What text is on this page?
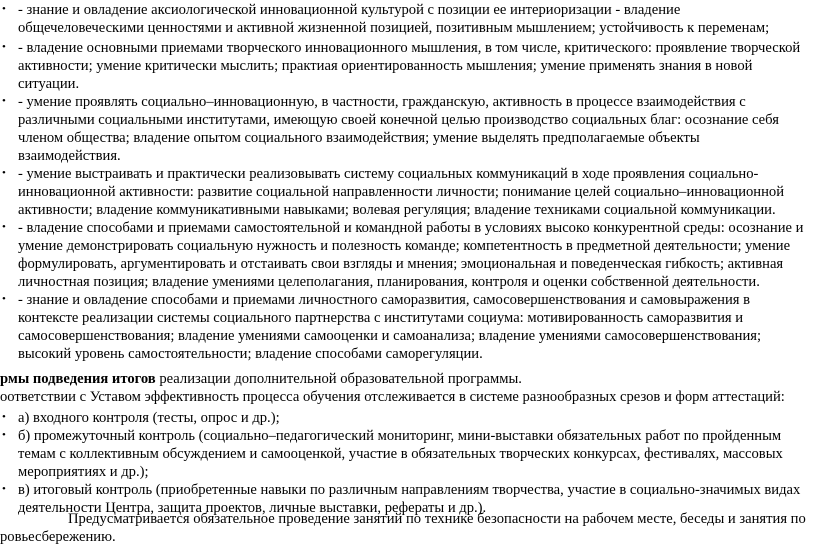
• - знание и овладение аксиологической инновационной культурой с позиции ее интериоризации - владение
общечеловеческими ценностями и активной жизненной позицией, позитивным мышлением; устойчивость к переменам;
• - владение основными приемами творческого инновационного мышления, в том числе, критического: проявление творческой
активности; умение критически мыслить; практиая ориентированность мышления; умение применять знания в новой
ситуации.
• - умение проявлять социально–инновационную, в частности, гражданскую, активность в процессе взаимодействия с
различными социальными институтами, имеющую своей конечной целью производство социальных благ: осознание себя
членом общества; владение опытом социального взаимодействия; умение выделять предполагаемые объекты
взаимодействия.
• - умение выстраивать и практически реализовывать систему социальных коммуникаций в ходе проявления социально-
инновационной активности: развитие социальной направленности личности; понимание целей социально–инновационной
активности; владение коммуникативными навыками; волевая регуляция; владение техниками социальной коммуникации.
• - владение способами и приемами самостоятельной и командной работы в условиях высоко конкурентной среды: осознание и
умение демонстрировать социальную нужность и полезность команде; компетентность в предметной деятельности; умение
формулировать, аргументировать и отстаивать свои взгляды и мнения; эмоциональная и поведенческая гибкость; активная
личностная позиция; владение умениями целеполагания, планирования, контроля и оценки собственной деятельности.
• - знание и овладение способами и приемами личностного саморазвития, самосовершенствования и самовыражения в
контексте реализации системы социального партнерства с институтами социума: мотивированность саморазвития и
самосовершенствования; владение умениями самооценки и самоанализа; владение умениями самосовершенствования;
высокий уровень самостоятельности; владение способами саморегуляции.
рмы подведения итогов реализации дополнительной образовательной программы.
оответствии с Уставом эффективность процесса обучения отслеживается в системе разнообразных срезов и форм аттестаций:
• а) входного контроля (тесты, опрос и др.);
• б) промежуточный контроль (социально–педагогический мониторинг, мини-выставки обязательных работ по пройденным
темам с коллективным обсуждением и самооценкой, участие в обязательных творческих конкурсах, фестивалях, массовых
мероприятиях и др.);
• в) итоговый контроль (приобретенные навыки по различным направлениям творчества, участие в социально-значимых видах
деятельности Центра, защита проектов, личные выставки, рефераты и др.).
Предусматривается обязательное проведение занятий по технике безопасности на рабочем месте, беседы и занятия по
ровьесбережению.
